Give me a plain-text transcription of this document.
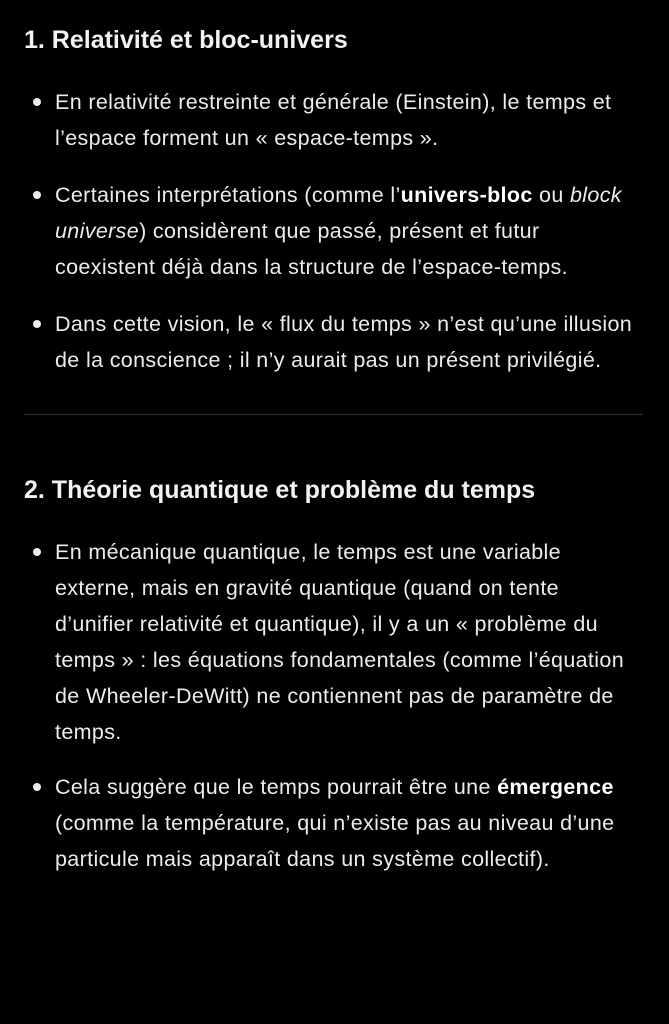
1. Relativité et bloc-univers
En relativité restreinte et générale (Einstein), le temps et l’espace forment un « espace-temps ».
Certaines interprétations (comme l’univers-bloc ou block universe) considèrent que passé, présent et futur coexistent déjà dans la structure de l’espace-temps.
Dans cette vision, le « flux du temps » n’est qu’une illusion de la conscience ; il n’y aurait pas un présent privilégié.
2. Théorie quantique et problème du temps
En mécanique quantique, le temps est une variable externe, mais en gravité quantique (quand on tente d’unifier relativité et quantique), il y a un « problème du temps » : les équations fondamentales (comme l’équation de Wheeler-DeWitt) ne contiennent pas de paramètre de temps.
Cela suggère que le temps pourrait être une émergence (comme la température, qui n’existe pas au niveau d’une particule mais apparaît dans un système collectif).
